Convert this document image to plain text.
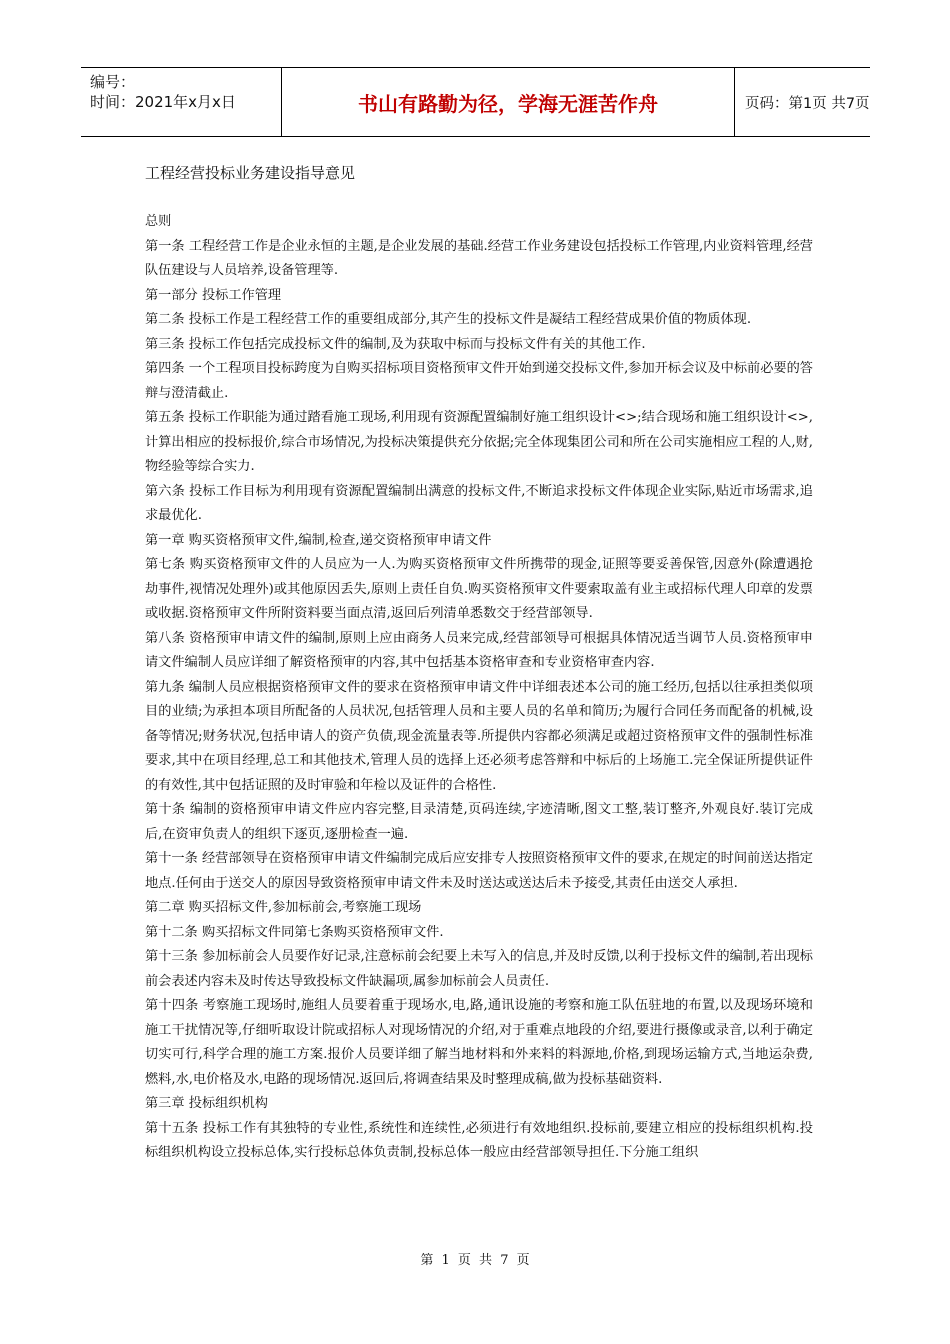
编号：
时间：2021年x月x日	书山有路勤为径，学海无涯苦作舟	页码：第1页 共7页
工程经营投标业务建设指导意见

总则

第一条 工程经营工作是企业永恒的主题,是企业发展的基础.经营工作业务建设包括投标工作管理,内业资料管理,经营队伍建设与人员培养,设备管理等.

第一部分 投标工作管理

第二条 投标工作是工程经营工作的重要组成部分,其产生的投标文件是凝结工程经营成果价值的物质体现.

第三条 投标工作包括完成投标文件的编制,及为获取中标而与投标文件有关的其他工作.

第四条 一个工程项目投标跨度为自购买招标项目资格预审文件开始到递交投标文件,参加开标会议及中标前必要的答辩与澄清截止.

第五条 投标工作职能为通过踏看施工现场,利用现有资源配置编制好施工组织设计<>;结合现场和施工组织设计<>,计算出相应的投标报价,综合市场情况,为投标决策提供充分依据;完全体现集团公司和所在公司实施相应工程的人,财,物经验等综合实力.

第六条 投标工作目标为利用现有资源配置编制出满意的投标文件,不断追求投标文件体现企业实际,贴近市场需求,追求最优化.

第一章 购买资格预审文件,编制,检查,递交资格预审申请文件

第七条 购买资格预审文件的人员应为一人.为购买资格预审文件所携带的现金,证照等要妥善保管,因意外(除遭遇抢劫事件,视情况处理外)或其他原因丢失,原则上责任自负.购买资格预审文件要索取盖有业主或招标代理人印章的发票或收据.资格预审文件所附资料要当面点清,返回后列清单悉数交于经营部领导.

第八条 资格预审申请文件的编制,原则上应由商务人员来完成,经营部领导可根据具体情况适当调节人员.资格预审申请文件编制人员应详细了解资格预审的内容,其中包括基本资格审查和专业资格审查内容.

第九条 编制人员应根据资格预审文件的要求在资格预审申请文件中详细表述本公司的施工经历,包括以往承担类似项目的业绩;为承担本项目所配备的人员状况,包括管理人员和主要人员的名单和简历;为履行合同任务而配备的机械,设备等情况;财务状况,包括申请人的资产负债,现金流量表等.所提供内容都必须满足或超过资格预审文件的强制性标准要求,其中在项目经理,总工和其他技术,管理人员的选择上还必须考虑答辩和中标后的上场施工.完全保证所提供证件的有效性,其中包括证照的及时审验和年检以及证件的合格性.

第十条 编制的资格预审申请文件应内容完整,目录清楚,页码连续,字迹清晰,图文工整,装订整齐,外观良好.装订完成后,在资审负责人的组织下逐页,逐册检查一遍.

第十一条 经营部领导在资格预审申请文件编制完成后应安排专人按照资格预审文件的要求,在规定的时间前送达指定地点.任何由于送交人的原因导致资格预审申请文件未及时送达或送达后未予接受,其责任由送交人承担.

第二章 购买招标文件,参加标前会,考察施工现场

第十二条 购买招标文件同第七条购买资格预审文件.

第十三条 参加标前会人员要作好记录,注意标前会纪要上未写入的信息,并及时反馈,以利于投标文件的编制,若出现标前会表述内容未及时传达导致投标文件缺漏项,属参加标前会人员责任.

第十四条 考察施工现场时,施组人员要着重于现场水,电,路,通讯设施的考察和施工队伍驻地的布置,以及现场环境和施工干扰情况等,仔细听取设计院或招标人对现场情况的介绍,对于重难点地段的介绍,要进行摄像或录音,以利于确定切实可行,科学合理的施工方案.报价人员要详细了解当地材料和外来料的料源地,价格,到现场运输方式,当地运杂费,燃料,水,电价格及水,电路的现场情况.返回后,将调查结果及时整理成稿,做为投标基础资料.

第三章 投标组织机构

第十五条 投标工作有其独特的专业性,系统性和连续性,必须进行有效地组织.投标前,要建立相应的投标组织机构.投标组织机构设立投标总体,实行投标总体负责制,投标总体一般应由经营部领导担任.下分施工组织

第 1 页 共 7 页
